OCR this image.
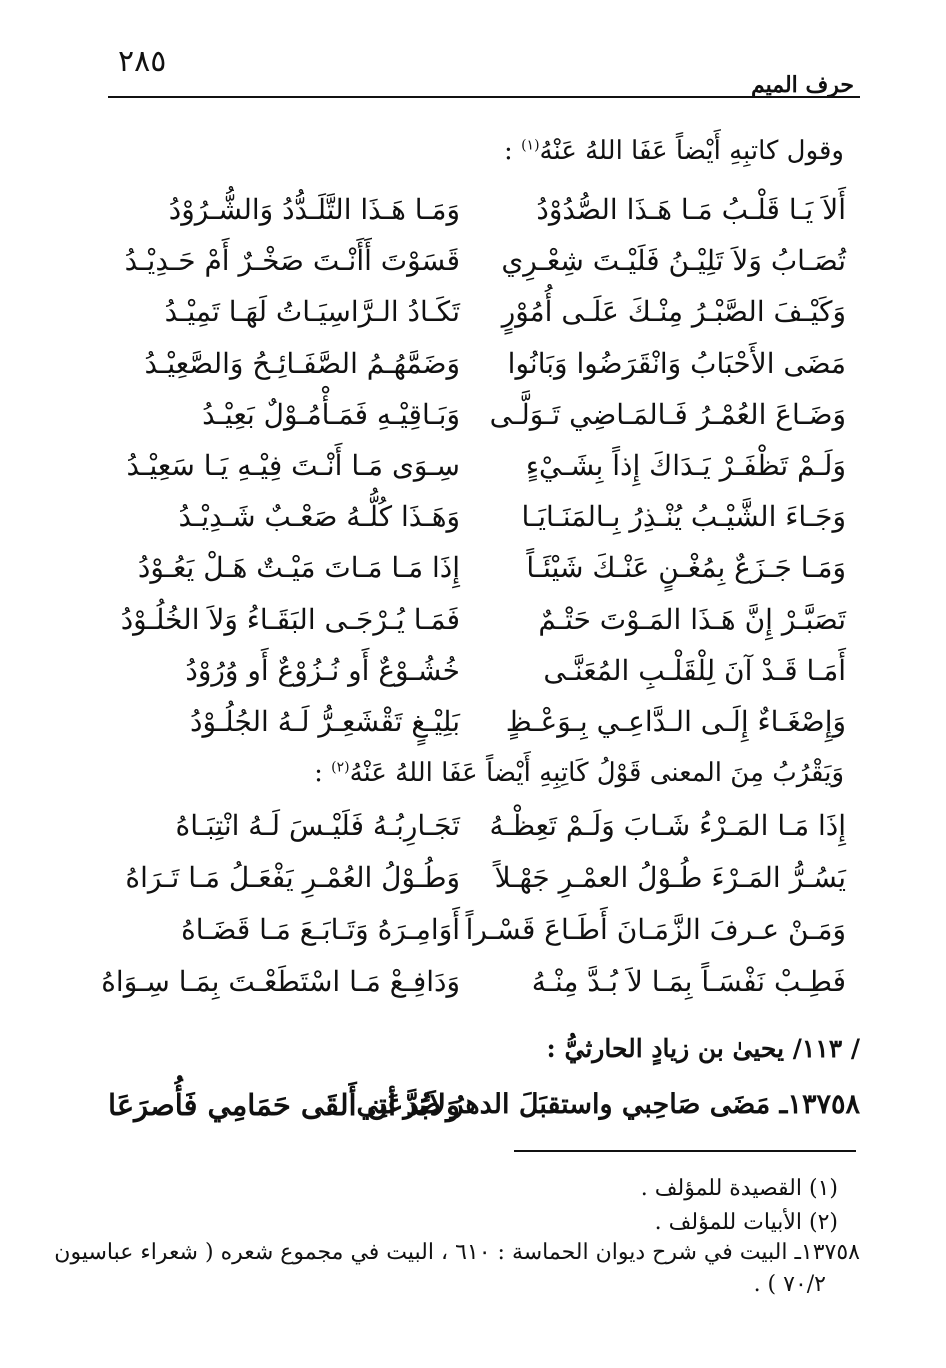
٢٨٥
حرف الميم
وقول كاتبِهِ أَيْضاً عَفَا اللهُ عَنْهُ$^{(١)}$ :
أَلاَ يَـا قَلْـبُ مَـا هَـذَا الصُّدُوْدُ
وَمَـا هَـذَا التَّلَـدُّدُ وَالشُّـرُوْدُ
تُصَـابُ وَلاَ تَلِيْـنُ فَلَيْـتَ شِعْـرِي
قَسَوْتَ أَأَنْـتَ صَخْـرٌ أَمْ حَـدِيْـدُ
وَكَيْـفَ الصَّبْـرُ مِنْـكَ عَلَـى أُمُوْرٍ
تَكَـادُ الـرَّاسِيَـاتُ لَهَـا تَمِيْـدُ
مَضَى الأَحْبَابُ وَانْقَرَضُوا وَبَانُوا
وَضَمَّهُـمُ الصَّفَـائِـحُ وَالصَّعِيْـدُ
وَضَـاعَ العُمْـرُ فَـالمَـاضِي تَـوَلَّـى
وَبَـاقِيْـهِ فَمَـأْمُـوْلٌ بَعِيْـدُ
وَلَـمْ تَظْفَـرْ يَـدَاكَ إِذاً بِشَـيْءٍ
سِـوَى مَـا أَنْـتَ فِيْـهِ يَـا سَعِيْـدُ
وَجَـاءَ الشَّيْـبُ يُنْـذِرُ بِـالمَنَـايَـا
وَهَـذَا كُلُّـهُ صَعْـبٌ شَـدِيْـدُ
وَمَـا جَـزَعٌ بِمُغْـنٍ عَنْـكَ شَيْئَـاً
إِذَا مَـا مَـاتَ مَيْـتٌ هَـلْ يَعُـوْدُ
تَصَبَّـرْ إِنَّ هَـذَا المَـوْتَ حَتْـمٌ
فَمَـا يُـرْجَـى البَقَـاءُ وَلاَ الخُلُـوْدُ
أَمَـا قَـدْ آنَ لِلْقَلْـبِ المُعَنَّـى
خُشُـوْعٌ أَو نُـزُوْعٌ أَو وُرُوْدُ
وَإِصْغَـاءٌ إِلَـى الـدَّاعِـي بِـوَعْـظٍ
بَلِيْـغٍ تَقْشَعِـرُّ لَـهُ الجُلُـوْدُ
وَيَقْرُبُ مِنَ المعنى قَوْلُ كَاتِبِهِ أَيْضاً عَفَا اللهُ عَنْهُ$^{(٢)}$ :
إِذَا مَـا المَـرْءُ شَـابَ وَلَـمْ تَعِظْـهُ
تَجَـارِبُـهُ فَلَيْـسَ لَـهُ انْتِبَـاهُ
يَسُـرُّ المَـرْءَ طُـوْلُ العمْـرِ جَهْـلاً
وَطُـوْلُ العُمْـرِ يَفْعَـلُ مَـا تَـرَاهُ
وَمَـنْ عـرفَ الزَّمَـانَ أَطَـاعَ قَسْـراً
أَوَامِـرَهُ وَتَـابَـعَ مَـا قَضَـاهُ
فَطِـبْ نَفْسَـاً بِمَـا لاَ بُـدَّ مِنْـهُ
وَدَافِـعْ مَـا اسْتَطَعْـتَ بِمَـا سِـوَاهُ
/ ١١٣/ يحيىٰ بن زيادٍ الحارثيُّ :
١٣٧٥٨ـ مَضَى صَاحِبي واستقبَلَ الدهرُ صَرعَتِي
وَلاَبُدَّ أن أَلقَى حَمَامِي فَأُصرَعَا
(١) القصيدة للمؤلف .
(٢) الأبيات للمؤلف .
١٣٧٥٨ـ البيت في شرح ديوان الحماسة : ٦١٠ ، البيت في مجموع شعره ( شعراء عباسيون
٧٠/٢ ) .
